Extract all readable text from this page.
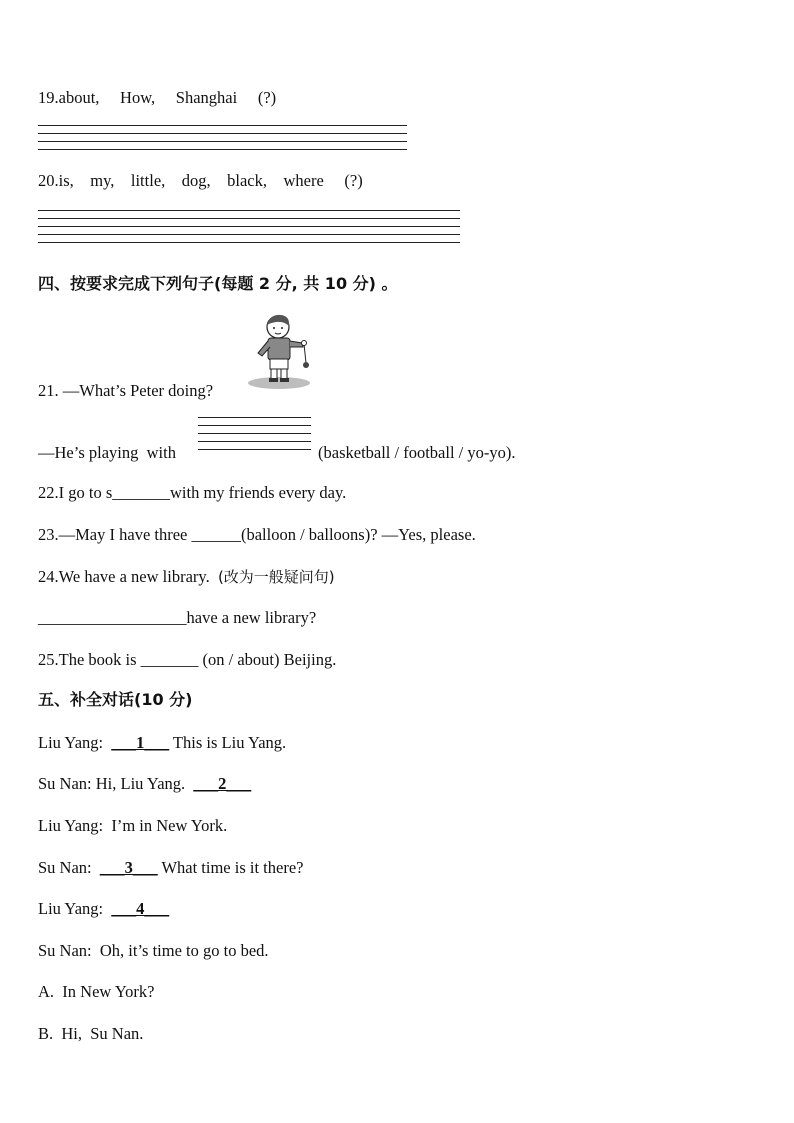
19.about,     How,     Shanghai     (?)
20.is,    my,    little,    dog,    black,    where     (?)
四、按要求完成下列句子(每题 2 分, 共 10 分) 。
21. —What’s Peter doing?
—He’s playing  with	(basketball / football / yo-yo).
22.I go to s_______with my friends every day.
23.—May I have three ______(balloon / balloons)? —Yes, please.
24.We have a new library.  (改为一般疑问句)
__________________have a new library?
25.The book is _______ (on / about) Beijing.
五、补全对话(10 分)
Liu Yang:  ___1___ This is Liu Yang.
Su Nan: Hi, Liu Yang.  ___2___
Liu Yang:  I’m in New York.
Su Nan:  ___3___ What time is it there?
Liu Yang:  ___4___
Su Nan:  Oh, it’s time to go to bed.
A.  In New York?
B.  Hi,  Su Nan.
